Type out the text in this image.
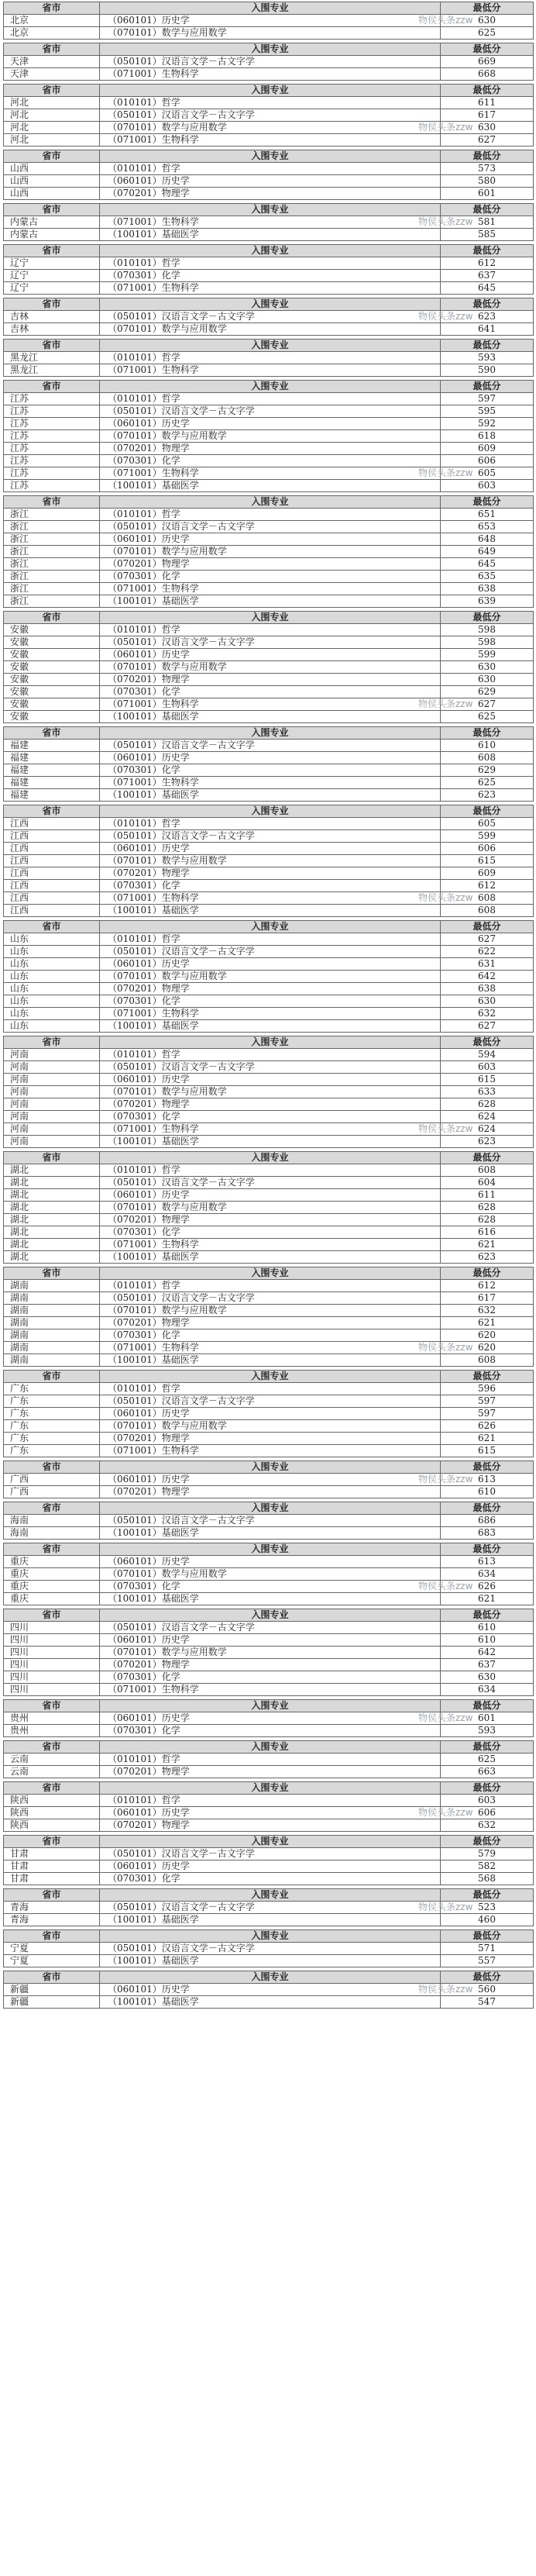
省市	入围专业	最低分
北京	（060101）历史学	630
北京	（070101）数学与应用数学	625
省市	入围专业	最低分
天津	（050101）汉语言文学－古文字学	669
天津	（071001）生物科学	668
省市	入围专业	最低分
河北	（010101）哲学	611
河北	（050101）汉语言文学－古文字学	617
河北	（070101）数学与应用数学	630
河北	（071001）生物科学	627
省市	入围专业	最低分
山西	（010101）哲学	573
山西	（060101）历史学	580
山西	（070201）物理学	601
省市	入围专业	最低分
内蒙古	（071001）生物科学	581
内蒙古	（100101）基础医学	585
省市	入围专业	最低分
辽宁	（010101）哲学	612
辽宁	（070301）化学	637
辽宁	（071001）生物科学	645
省市	入围专业	最低分
吉林	（050101）汉语言文学－古文字学	623
吉林	（070101）数学与应用数学	641
省市	入围专业	最低分
黑龙江	（010101）哲学	593
黑龙江	（071001）生物科学	590
省市	入围专业	最低分
江苏	（010101）哲学	597
江苏	（050101）汉语言文学－古文字学	595
江苏	（060101）历史学	592
江苏	（070101）数学与应用数学	618
江苏	（070201）物理学	609
江苏	（070301）化学	606
江苏	（071001）生物科学	605
江苏	（100101）基础医学	603
省市	入围专业	最低分
浙江	（010101）哲学	651
浙江	（050101）汉语言文学－古文字学	653
浙江	（060101）历史学	648
浙江	（070101）数学与应用数学	649
浙江	（070201）物理学	645
浙江	（070301）化学	635
浙江	（071001）生物科学	638
浙江	（100101）基础医学	639
省市	入围专业	最低分
安徽	（010101）哲学	598
安徽	（050101）汉语言文学－古文字学	598
安徽	（060101）历史学	599
安徽	（070101）数学与应用数学	630
安徽	（070201）物理学	630
安徽	（070301）化学	629
安徽	（071001）生物科学	627
安徽	（100101）基础医学	625
省市	入围专业	最低分
福建	（050101）汉语言文学－古文字学	610
福建	（060101）历史学	608
福建	（070301）化学	629
福建	（071001）生物科学	625
福建	（100101）基础医学	623
省市	入围专业	最低分
江西	（010101）哲学	605
江西	（050101）汉语言文学－古文字学	599
江西	（060101）历史学	606
江西	（070101）数学与应用数学	615
江西	（070201）物理学	609
江西	（070301）化学	612
江西	（071001）生物科学	608
江西	（100101）基础医学	608
省市	入围专业	最低分
山东	（010101）哲学	627
山东	（050101）汉语言文学－古文字学	622
山东	（060101）历史学	631
山东	（070101）数学与应用数学	642
山东	（070201）物理学	638
山东	（070301）化学	630
山东	（071001）生物科学	632
山东	（100101）基础医学	627
省市	入围专业	最低分
河南	（010101）哲学	594
河南	（050101）汉语言文学－古文字学	603
河南	（060101）历史学	615
河南	（070101）数学与应用数学	633
河南	（070201）物理学	628
河南	（070301）化学	624
河南	（071001）生物科学	624
河南	（100101）基础医学	623
省市	入围专业	最低分
湖北	（010101）哲学	608
湖北	（050101）汉语言文学－古文字学	604
湖北	（060101）历史学	611
湖北	（070101）数学与应用数学	628
湖北	（070201）物理学	628
湖北	（070301）化学	616
湖北	（071001）生物科学	621
湖北	（100101）基础医学	623
省市	入围专业	最低分
湖南	（010101）哲学	612
湖南	（050101）汉语言文学－古文字学	617
湖南	（070101）数学与应用数学	632
湖南	（070201）物理学	621
湖南	（070301）化学	620
湖南	（071001）生物科学	620
湖南	（100101）基础医学	608
省市	入围专业	最低分
广东	（010101）哲学	596
广东	（050101）汉语言文学－古文字学	597
广东	（060101）历史学	597
广东	（070101）数学与应用数学	626
广东	（070201）物理学	621
广东	（071001）生物科学	615
省市	入围专业	最低分
广西	（060101）历史学	613
广西	（070201）物理学	610
省市	入围专业	最低分
海南	（050101）汉语言文学－古文字学	686
海南	（100101）基础医学	683
省市	入围专业	最低分
重庆	（060101）历史学	613
重庆	（070101）数学与应用数学	634
重庆	（070301）化学	626
重庆	（100101）基础医学	621
省市	入围专业	最低分
四川	（050101）汉语言文学－古文字学	610
四川	（060101）历史学	610
四川	（070101）数学与应用数学	642
四川	（070201）物理学	637
四川	（070301）化学	630
四川	（071001）生物科学	634
省市	入围专业	最低分
贵州	（060101）历史学	601
贵州	（070301）化学	593
省市	入围专业	最低分
云南	（010101）哲学	625
云南	（070201）物理学	663
省市	入围专业	最低分
陕西	（010101）哲学	603
陕西	（060101）历史学	606
陕西	（070201）物理学	632
省市	入围专业	最低分
甘肃	（050101）汉语言文学－古文字学	579
甘肃	（060101）历史学	582
甘肃	（070301）化学	568
省市	入围专业	最低分
青海	（050101）汉语言文学－古文字学	523
青海	（100101）基础医学	460
省市	入围专业	最低分
宁夏	（050101）汉语言文学－古文字学	571
宁夏	（100101）基础医学	557
省市	入围专业	最低分
新疆	（060101）历史学	560
新疆	（100101）基础医学	547
物侯头条zzw
物侯头条zzw
物侯头条zzw
物侯头条zzw
物侯头条zzw
物侯头条zzw
物侯头条zzw
物侯头条zzw
物侯头条zzw
物侯头条zzw
物侯头条zzw
物侯头条zzw
物侯头条zzw
物侯头条zzw
物侯头条zzw
